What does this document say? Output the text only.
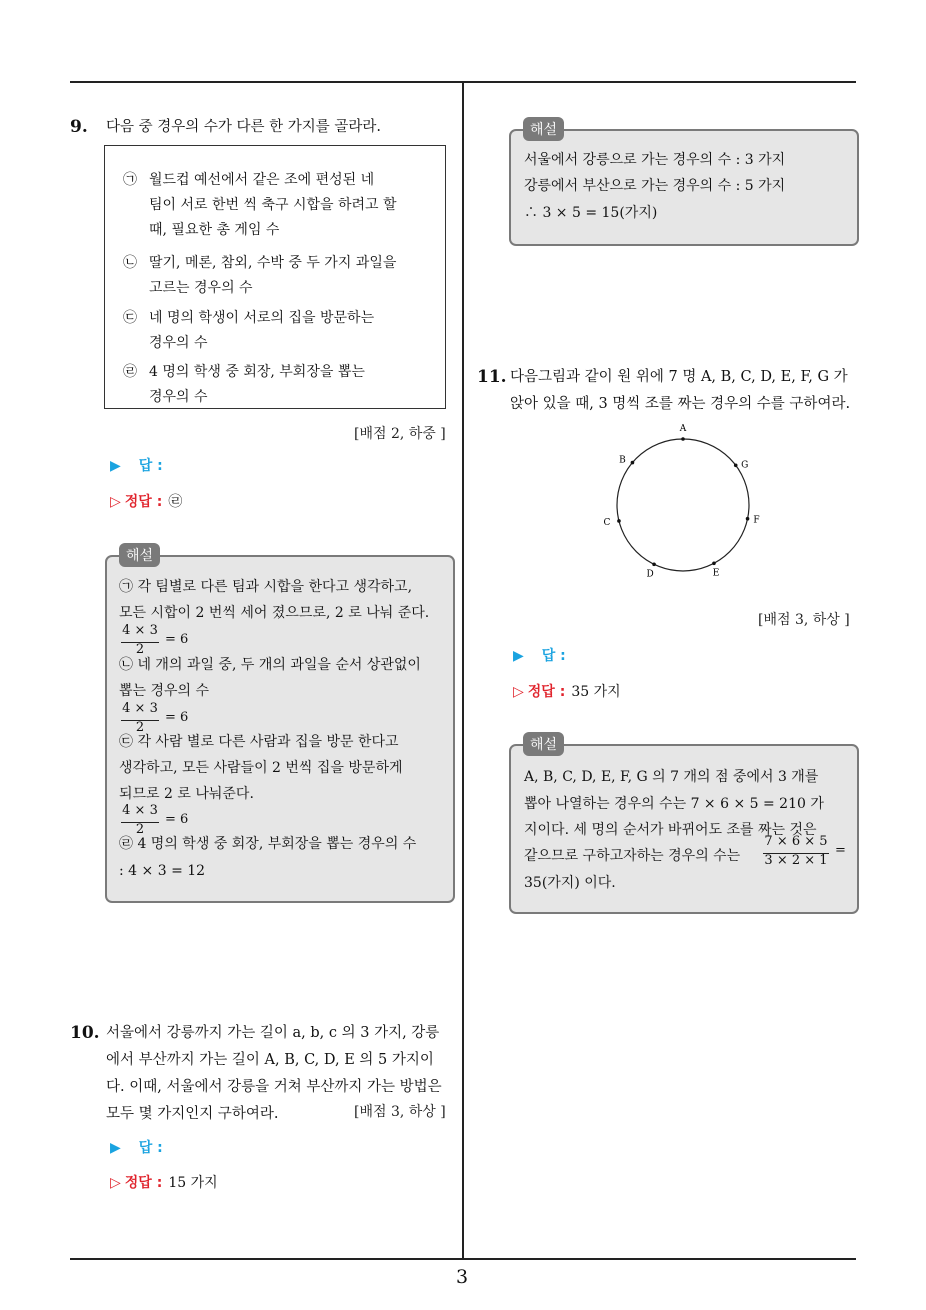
9. 다음 중 경우의 수가 다른 한 가지를 골라라.
㉠ 월드컵 예선에서 같은 조에 편성된 네
팀이 서로 한번 씩 축구 시합을 하려고 할
때, 필요한 총 게임 수
㉡ 딸기, 메론, 참외, 수박 중 두 가지 과일을
고르는 경우의 수
㉢ 네 명의 학생이 서로의 집을 방문하는
경우의 수
㉣ 4 명의 학생 중 회장, 부회장을 뽑는
경우의 수
[배점 2, 하중 ]
▶ 답 :
▷ 정답 : ㉣
㉠ 각 팀별로 다른 팀과 시합을 한다고 생각하고,
모든 시합이 2 번씩 세어 졌으므로, 2 로 나눠 준다.
4 × 3
2
= 6
㉡ 네 개의 과일 중, 두 개의 과일을 순서 상관없이
뽑는 경우의 수
4 × 3
2
= 6
㉢ 각 사람 별로 다른 사람과 집을 방문 한다고
생각하고, 모든 사람들이 2 번씩 집을 방문하게
되므로 2 로 나눠준다.
4 × 3
2
= 6
㉣ 4 명의 학생 중 회장, 부회장을 뽑는 경우의 수
: 4 × 3 = 12
해설
10. 서울에서 강릉까지 가는 길이 a, b, c 의 3 가지, 강릉
에서 부산까지 가는 길이 A, B, C, D, E 의 5 가지이
다. 이때, 서울에서 강릉을 거쳐 부산까지 가는 방법은
모두 몇 가지인지 구하여라.	[배점 3, 하상 ]
▶ 답 :
▷ 정답 : 15 가지
서울에서 강릉으로 가는 경우의 수 : 3 가지
강릉에서 부산으로 가는 경우의 수 : 5 가지
∴ 3 × 5 = 15(가지)
해설
11. 다음그림과 같이 원 위에 7 명 A, B, C, D, E, F, G 가
앉아 있을 때, 3 명씩 조를 짜는 경우의 수를 구하여라.
A
G
F
E
D
C
B
[배점 3, 하상 ]
▶ 답 :
▷ 정답 : 35 가지
A, B, C, D, E, F, G 의 7 개의 점 중에서 3 개를
뽑아 나열하는 경우의 수는 7 × 6 × 5 = 210 가
지이다. 세 명의 순서가 바뀌어도 조를 짜는 것은
같으므로 구하고자하는 경우의 수는
7 × 6 × 5
3 × 2 × 1
=
35(가지) 이다.
해설
3
